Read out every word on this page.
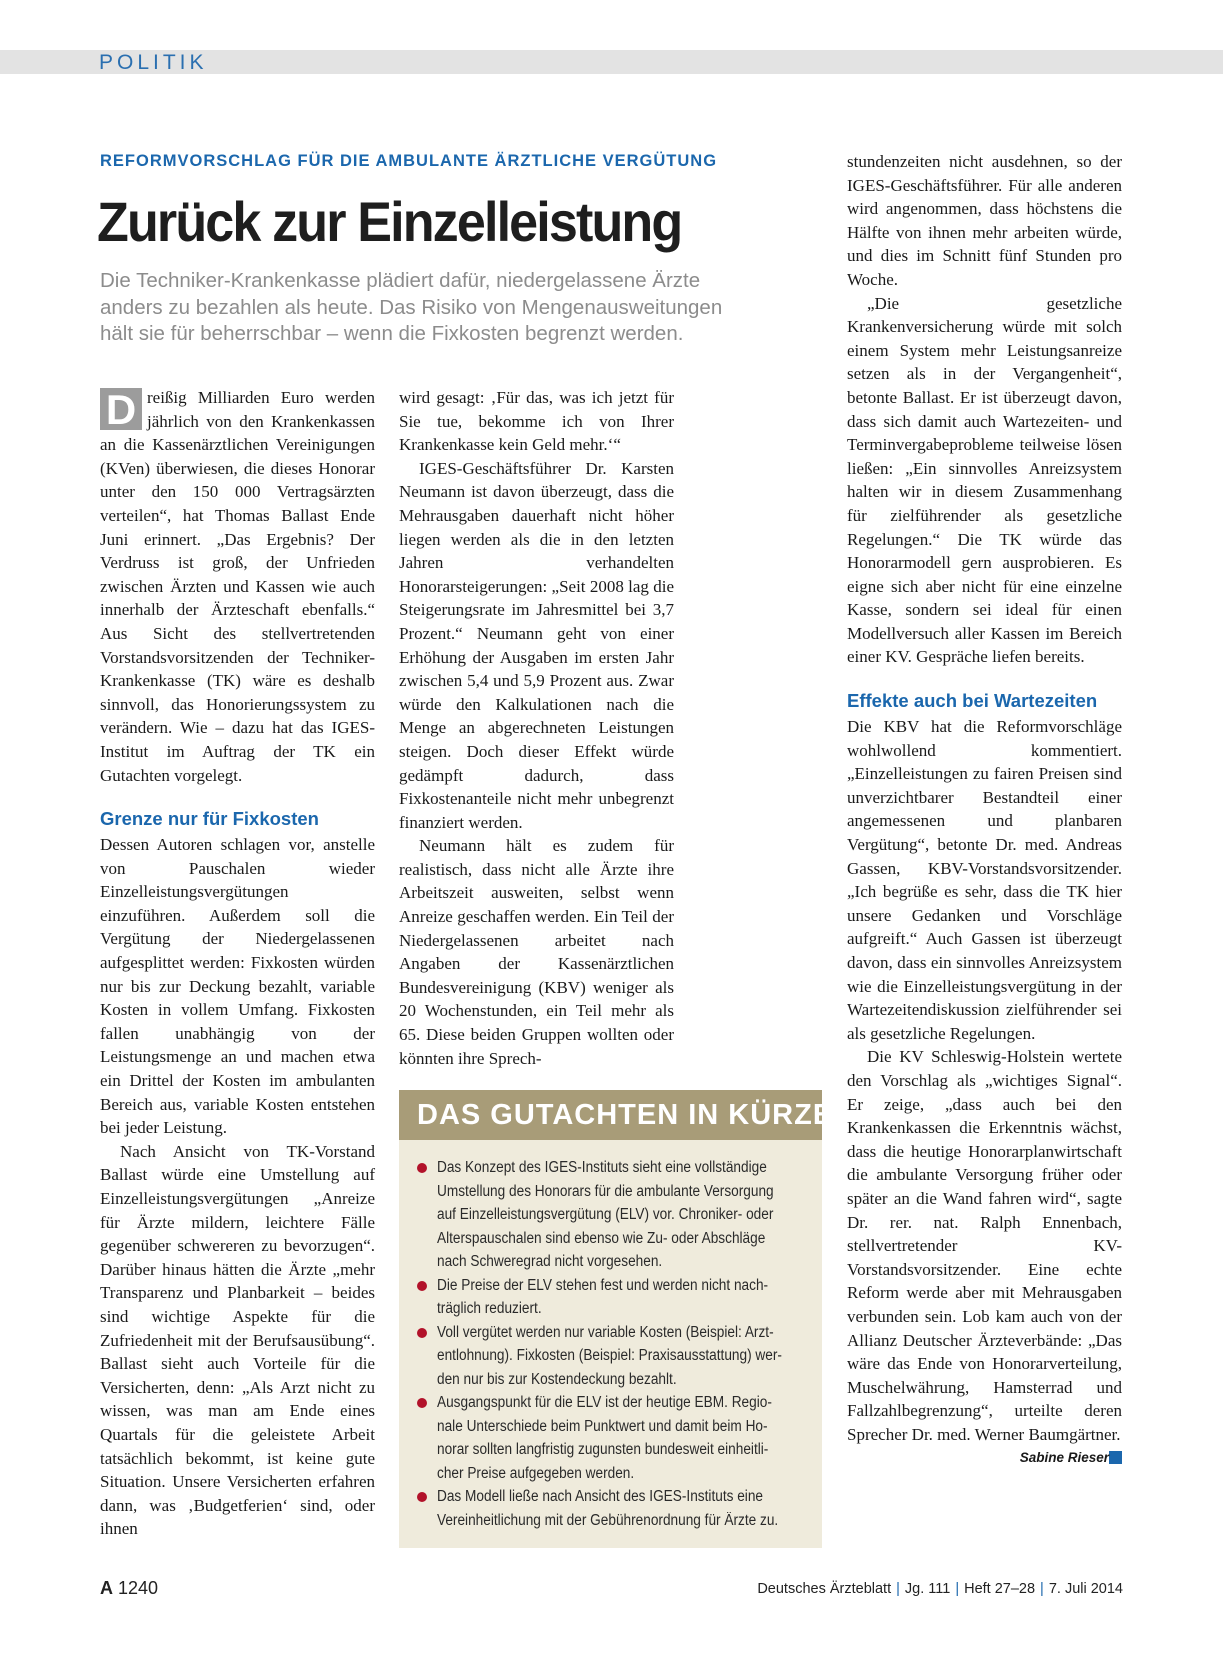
POLITIK
REFORMVORSCHLAG FÜR DIE AMBULANTE ÄRZTLICHE VERGÜTUNG
Zurück zur Einzelleistung
Die Techniker-Krankenkasse plädiert dafür, niedergelassene Ärzte
anders zu bezahlen als heute. Das Risiko von Mengenausweitungen
hält sie für beherrschbar – wenn die Fixkosten begrenzt werden.

D reißig Milliarden Euro werden jährlich von den Krankenkassen an die Kassenärztlichen Vereinigungen (KVen) überwiesen, die dieses Honorar unter den 150 000 Vertragsärzten verteilen“, hat Thomas Ballast Ende Juni erinnert. „Das Ergebnis? Der Verdruss ist groß, der Unfrieden zwischen Ärzten und Kassen wie auch innerhalb der Ärzteschaft ebenfalls.“ Aus Sicht des stellvertretenden Vorstandsvorsitzenden der Techniker-Krankenkasse (TK) wäre es deshalb sinnvoll, das Honorierungssystem zu verändern. Wie – dazu hat das IGES-Institut im Auftrag der TK ein Gutachten vorgelegt.

Grenze nur für Fixkosten

Dessen Autoren schlagen vor, anstelle von Pauschalen wieder Einzelleistungsvergütungen einzuführen. Außerdem soll die Vergütung der Niedergelassenen aufgesplittet werden: Fixkosten würden nur bis zur Deckung bezahlt, variable Kosten in vollem Umfang. Fixkosten fallen unabhängig von der Leistungsmenge an und machen etwa ein Drittel der Kosten im ambulanten Bereich aus, variable Kosten entstehen bei jeder Leistung.

Nach Ansicht von TK-Vorstand Ballast würde eine Umstellung auf Einzelleistungsvergütungen „Anreize für Ärzte mildern, leichtere Fälle gegenüber schwereren zu bevorzugen“. Darüber hinaus hätten die Ärzte „mehr Transparenz und Planbarkeit – beides sind wichtige Aspekte für die Zufriedenheit mit der Berufsausübung“. Ballast sieht auch Vorteile für die Versicherten, denn: „Als Arzt nicht zu wissen, was man am Ende eines Quartals für die geleistete Arbeit tatsächlich bekommt, ist keine gute Situation. Unsere Versicherten erfahren dann, was ‚Budgetferien‘ sind, oder ihnen

wird gesagt: ‚Für das, was ich jetzt für Sie tue, bekomme ich von Ihrer Krankenkasse kein Geld mehr.‘“

IGES-Geschäftsführer Dr. Karsten Neumann ist davon überzeugt, dass die Mehrausgaben dauerhaft nicht höher liegen werden als die in den letzten Jahren verhandelten Honorarsteigerungen: „Seit 2008 lag die Steigerungsrate im Jahresmittel bei 3,7 Prozent.“ Neumann geht von einer Erhöhung der Ausgaben im ersten Jahr zwischen 5,4 und 5,9 Prozent aus. Zwar würde den Kalkulationen nach die Menge an abgerechneten Leistungen steigen. Doch dieser Effekt würde gedämpft dadurch, dass Fixkostenanteile nicht mehr unbegrenzt finanziert werden.

Neumann hält es zudem für realistisch, dass nicht alle Ärzte ihre Arbeitszeit ausweiten, selbst wenn Anreize geschaffen werden. Ein Teil der Niedergelassenen arbeitet nach Angaben der Kassenärztlichen Bundesvereinigung (KBV) weniger als 20 Wochenstunden, ein Teil mehr als 65. Diese beiden Gruppen wollten oder könnten ihre Sprech-

DAS GUTACHTEN IN KÜRZE
Das Konzept des IGES-Instituts sieht eine vollständige
Umstellung des Honorars für die ambulante Versorgung
auf Einzelleistungsvergütung (ELV) vor. Chroniker- oder
Alterspauschalen sind ebenso wie Zu- oder Abschläge
nach Schweregrad nicht vorgesehen.
Die Preise der ELV stehen fest und werden nicht nach-
träglich reduziert.
Voll vergütet werden nur variable Kosten (Beispiel: Arzt-
entlohnung). Fixkosten (Beispiel: Praxisausstattung) wer-
den nur bis zur Kostendeckung bezahlt.
Ausgangspunkt für die ELV ist der heutige EBM. Regio-
nale Unterschiede beim Punktwert und damit beim Ho-
norar sollten langfristig zugunsten bundesweit einheitli-
cher Preise aufgegeben werden.
Das Modell ließe nach Ansicht des IGES-Instituts eine
Vereinheitlichung mit der Gebührenordnung für Ärzte zu.

stundenzeiten nicht ausdehnen, so der IGES-Geschäftsführer. Für alle anderen wird angenommen, dass höchstens die Hälfte von ihnen mehr arbeiten würde, und dies im Schnitt fünf Stunden pro Woche.

„Die gesetzliche Krankenversicherung würde mit solch einem System mehr Leistungsanreize setzen als in der Vergangenheit“, betonte Ballast. Er ist überzeugt davon, dass sich damit auch Wartezeiten- und Terminvergabeprobleme teilweise lösen ließen: „Ein sinnvolles Anreizsystem halten wir in diesem Zusammenhang für zielführender als gesetzliche Regelungen.“ Die TK würde das Honorarmodell gern ausprobieren. Es eigne sich aber nicht für eine einzelne Kasse, sondern sei ideal für einen Modellversuch aller Kassen im Bereich einer KV. Gespräche liefen bereits.

Effekte auch bei Wartezeiten

Die KBV hat die Reformvorschläge wohlwollend kommentiert. „Einzelleistungen zu fairen Preisen sind unverzichtbarer Bestandteil einer angemessenen und planbaren Vergütung“, betonte Dr. med. Andreas Gassen, KBV-Vorstandsvorsitzender. „Ich begrüße es sehr, dass die TK hier unsere Gedanken und Vorschläge aufgreift.“ Auch Gassen ist überzeugt davon, dass ein sinnvolles Anreizsystem wie die Einzelleistungsvergütung in der Wartezeitendiskussion zielführender sei als gesetzliche Regelungen.

Die KV Schleswig-Holstein wertete den Vorschlag als „wichtiges Signal“. Er zeige, „dass auch bei den Krankenkassen die Erkenntnis wächst, dass die heutige Honorarplanwirtschaft die ambulante Versorgung früher oder später an die Wand fahren wird“, sagte Dr. rer. nat. Ralph Ennenbach, stellvertretender KV-Vorstandsvorsitzender. Eine echte Reform werde aber mit Mehrausgaben verbunden sein. Lob kam auch von der Allianz Deutscher Ärzteverbände: „Das wäre das Ende von Honorarverteilung, Muschelwährung, Hamsterrad und Fallzahlbegrenzung“, urteilte deren Sprecher Dr. med. Werner Baumgärtner.

Sabine Rieser
A 1240	Deutsches Ärzteblatt | Jg. 111 | Heft 27–28 | 7. Juli 2014
